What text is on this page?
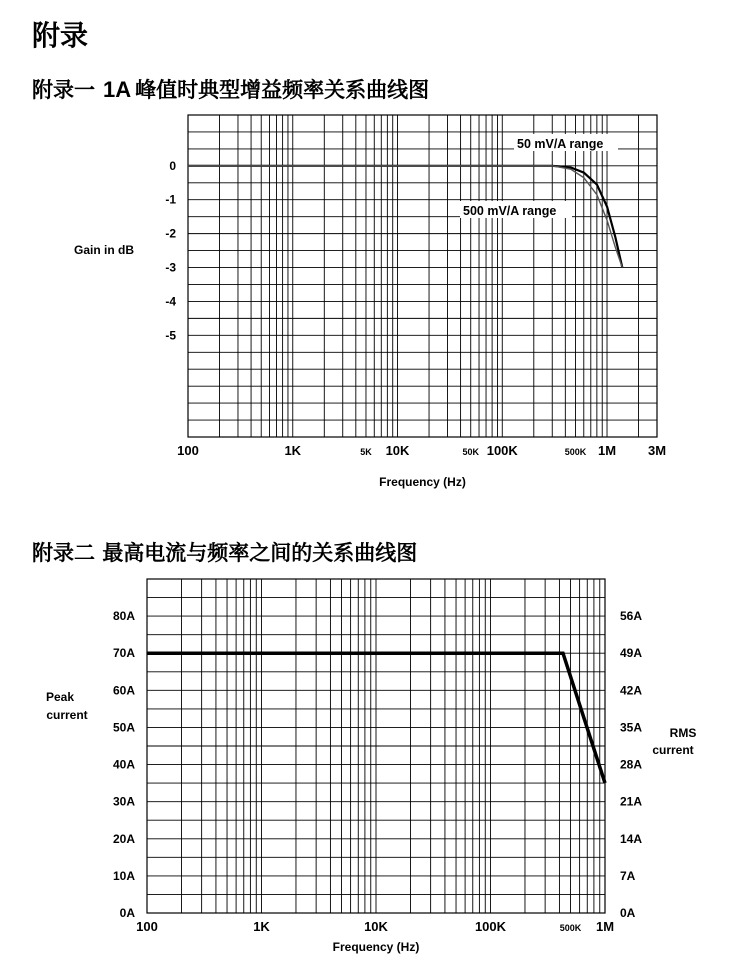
附录
附录一 1A 峰值时典型增益频率关系曲线图
0
-1
-2
-3
-4
-5
100	1K	5K 10K	50K 100K	500K 1M 3M
Frequency (Hz)
Gain in dB
50 mV/A range
500 mV/A range
附录二 最高电流与频率之间的关系曲线图
0A
10A
20A
30A
40A
50A
60A
70A
80A
0A
7A
14A
21A
28A
35A
42A
49A
56A
100	1K	10K	100K	500K 1M
Frequency (Hz)
Peak
current
RMS
current
